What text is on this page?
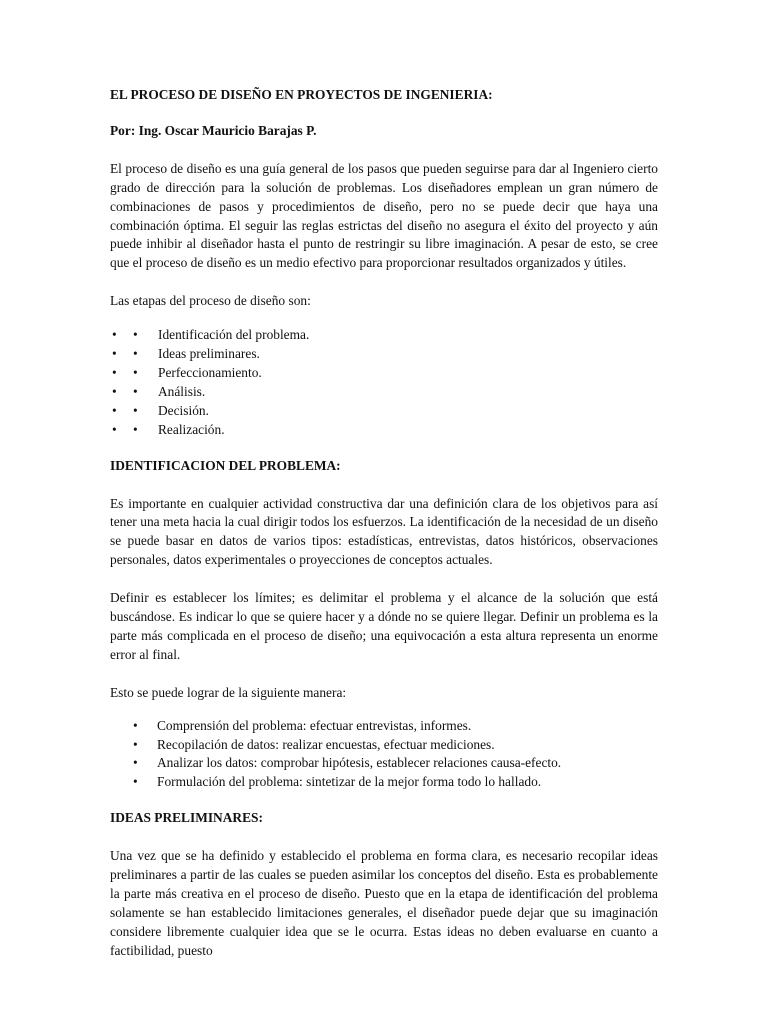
EL PROCESO DE DISEÑO EN PROYECTOS DE INGENIERIA:
Por: Ing. Oscar Mauricio Barajas P.

El proceso de diseño es una guía general de los pasos que pueden seguirse para dar al Ingeniero cierto grado de dirección para la solución de problemas. Los diseñadores emplean un gran número de combinaciones de pasos y procedimientos de diseño, pero no se puede decir que haya una combinación óptima. El seguir las reglas estrictas del diseño no asegura el éxito del proyecto y aún puede inhibir al diseñador hasta el punto de restringir su libre imaginación. A pesar de esto, se cree que el proceso de diseño es un medio efectivo para proporcionar resultados organizados y útiles.

Las etapas del proceso de diseño son:

• • Identificación del problema.
• • Ideas preliminares.
• • Perfeccionamiento.
• • Análisis.
• • Decisión.
• • Realización.
IDENTIFICACION DEL PROBLEMA:

Es importante en cualquier actividad constructiva dar una definición clara de los objetivos para así tener una meta hacia la cual dirigir todos los esfuerzos. La identificación de la necesidad de un diseño se puede basar en datos de varios tipos: estadísticas, entrevistas, datos históricos, observaciones personales, datos experimentales o proyecciones de conceptos actuales.

Definir es establecer los límites; es delimitar el problema y el alcance de la solución que está buscándose. Es indicar lo que se quiere hacer y a dónde no se quiere llegar. Definir un problema es la parte más complicada en el proceso de diseño; una equivocación a esta altura representa un enorme error al final.

Esto se puede lograr de la siguiente manera:

• Comprensión del problema: efectuar entrevistas, informes.
• Recopilación de datos: realizar encuestas, efectuar mediciones.
• Analizar los datos: comprobar hipótesis, establecer relaciones causa-efecto.
• Formulación del problema: sintetizar de la mejor forma todo lo hallado.
IDEAS PRELIMINARES:

Una vez que se ha definido y establecido el problema en forma clara, es necesario recopilar ideas preliminares a partir de las cuales se pueden asimilar los conceptos del diseño. Esta es probablemente la parte más creativa en el proceso de diseño. Puesto que en la etapa de identificación del problema solamente se han establecido limitaciones generales, el diseñador puede dejar que su imaginación considere libremente cualquier idea que se le ocurra. Estas ideas no deben evaluarse en cuanto a factibilidad, puesto
